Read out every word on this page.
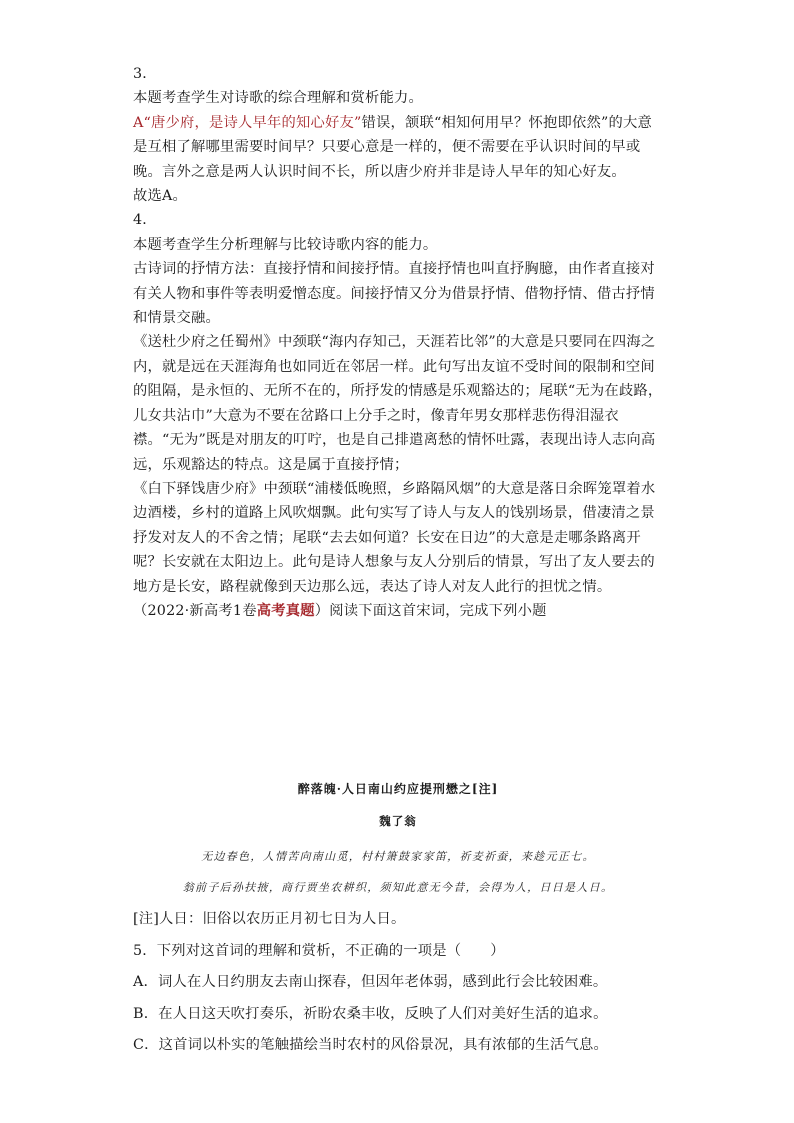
3．

本题考查学生对诗歌的综合理解和赏析能力。

A“唐少府，是诗人早年的知心好友”错误，颔联“相知何用早？怀抱即依然”的大意是互相了解哪里需要时间早？只要心意是一样的，便不需要在乎认识时间的早或晚。言外之意是两人认识时间不长，所以唐少府并非是诗人早年的知心好友。

故选A。

4．

本题考查学生分析理解与比较诗歌内容的能力。

古诗词的抒情方法：直接抒情和间接抒情。直接抒情也叫直抒胸臆，由作者直接对有关人物和事件等表明爱憎态度。间接抒情又分为借景抒情、借物抒情、借古抒情和情景交融。

《送杜少府之任蜀州》中颈联“海内存知己，天涯若比邻”的大意是只要同在四海之内，就是远在天涯海角也如同近在邻居一样。此句写出友谊不受时间的限制和空间的阻隔，是永恒的、无所不在的，所抒发的情感是乐观豁达的；尾联“无为在歧路，儿女共沾巾”大意为不要在岔路口上分手之时，像青年男女那样悲伤得泪湿衣襟。“无为”既是对朋友的叮咛，也是自己排遣离愁的情怀吐露，表现出诗人志向高远，乐观豁达的特点。这是属于直接抒情；

《白下驿饯唐少府》中颈联“浦楼低晚照，乡路隔风烟”的大意是落日余晖笼罩着水边酒楼，乡村的道路上风吹烟飘。此句实写了诗人与友人的饯别场景，借凄清之景抒发对友人的不舍之情；尾联“去去如何道？长安在日边”的大意是走哪条路离开呢？长安就在太阳边上。此句是诗人想象与友人分别后的情景，写出了友人要去的地方是长安，路程就像到天边那么远，表达了诗人对友人此行的担忧之情。

（2022·新高考1卷高考真题）阅读下面这首宋词，完成下列小题

醉落魄·人日南山约应提刑懋之[注]
魏了翁
无边春色，人情苦向南山觅，村村箫鼓家家笛，祈麦祈蚕，来趁元正七。
翁前子后孙扶掖，商行贾坐农耕织，须知此意无今昔，会得为人，日日是人日。

[注]人日：旧俗以农历正月初七日为人日。

5．下列对这首词的理解和赏析，不正确的一项是（　　）

A．词人在人日约朋友去南山探春，但因年老体弱，感到此行会比较困难。

B．在人日这天吹打奏乐，祈盼农桑丰收，反映了人们对美好生活的追求。

C．这首词以朴实的笔触描绘当时农村的风俗景况，具有浓郁的生活气息。
